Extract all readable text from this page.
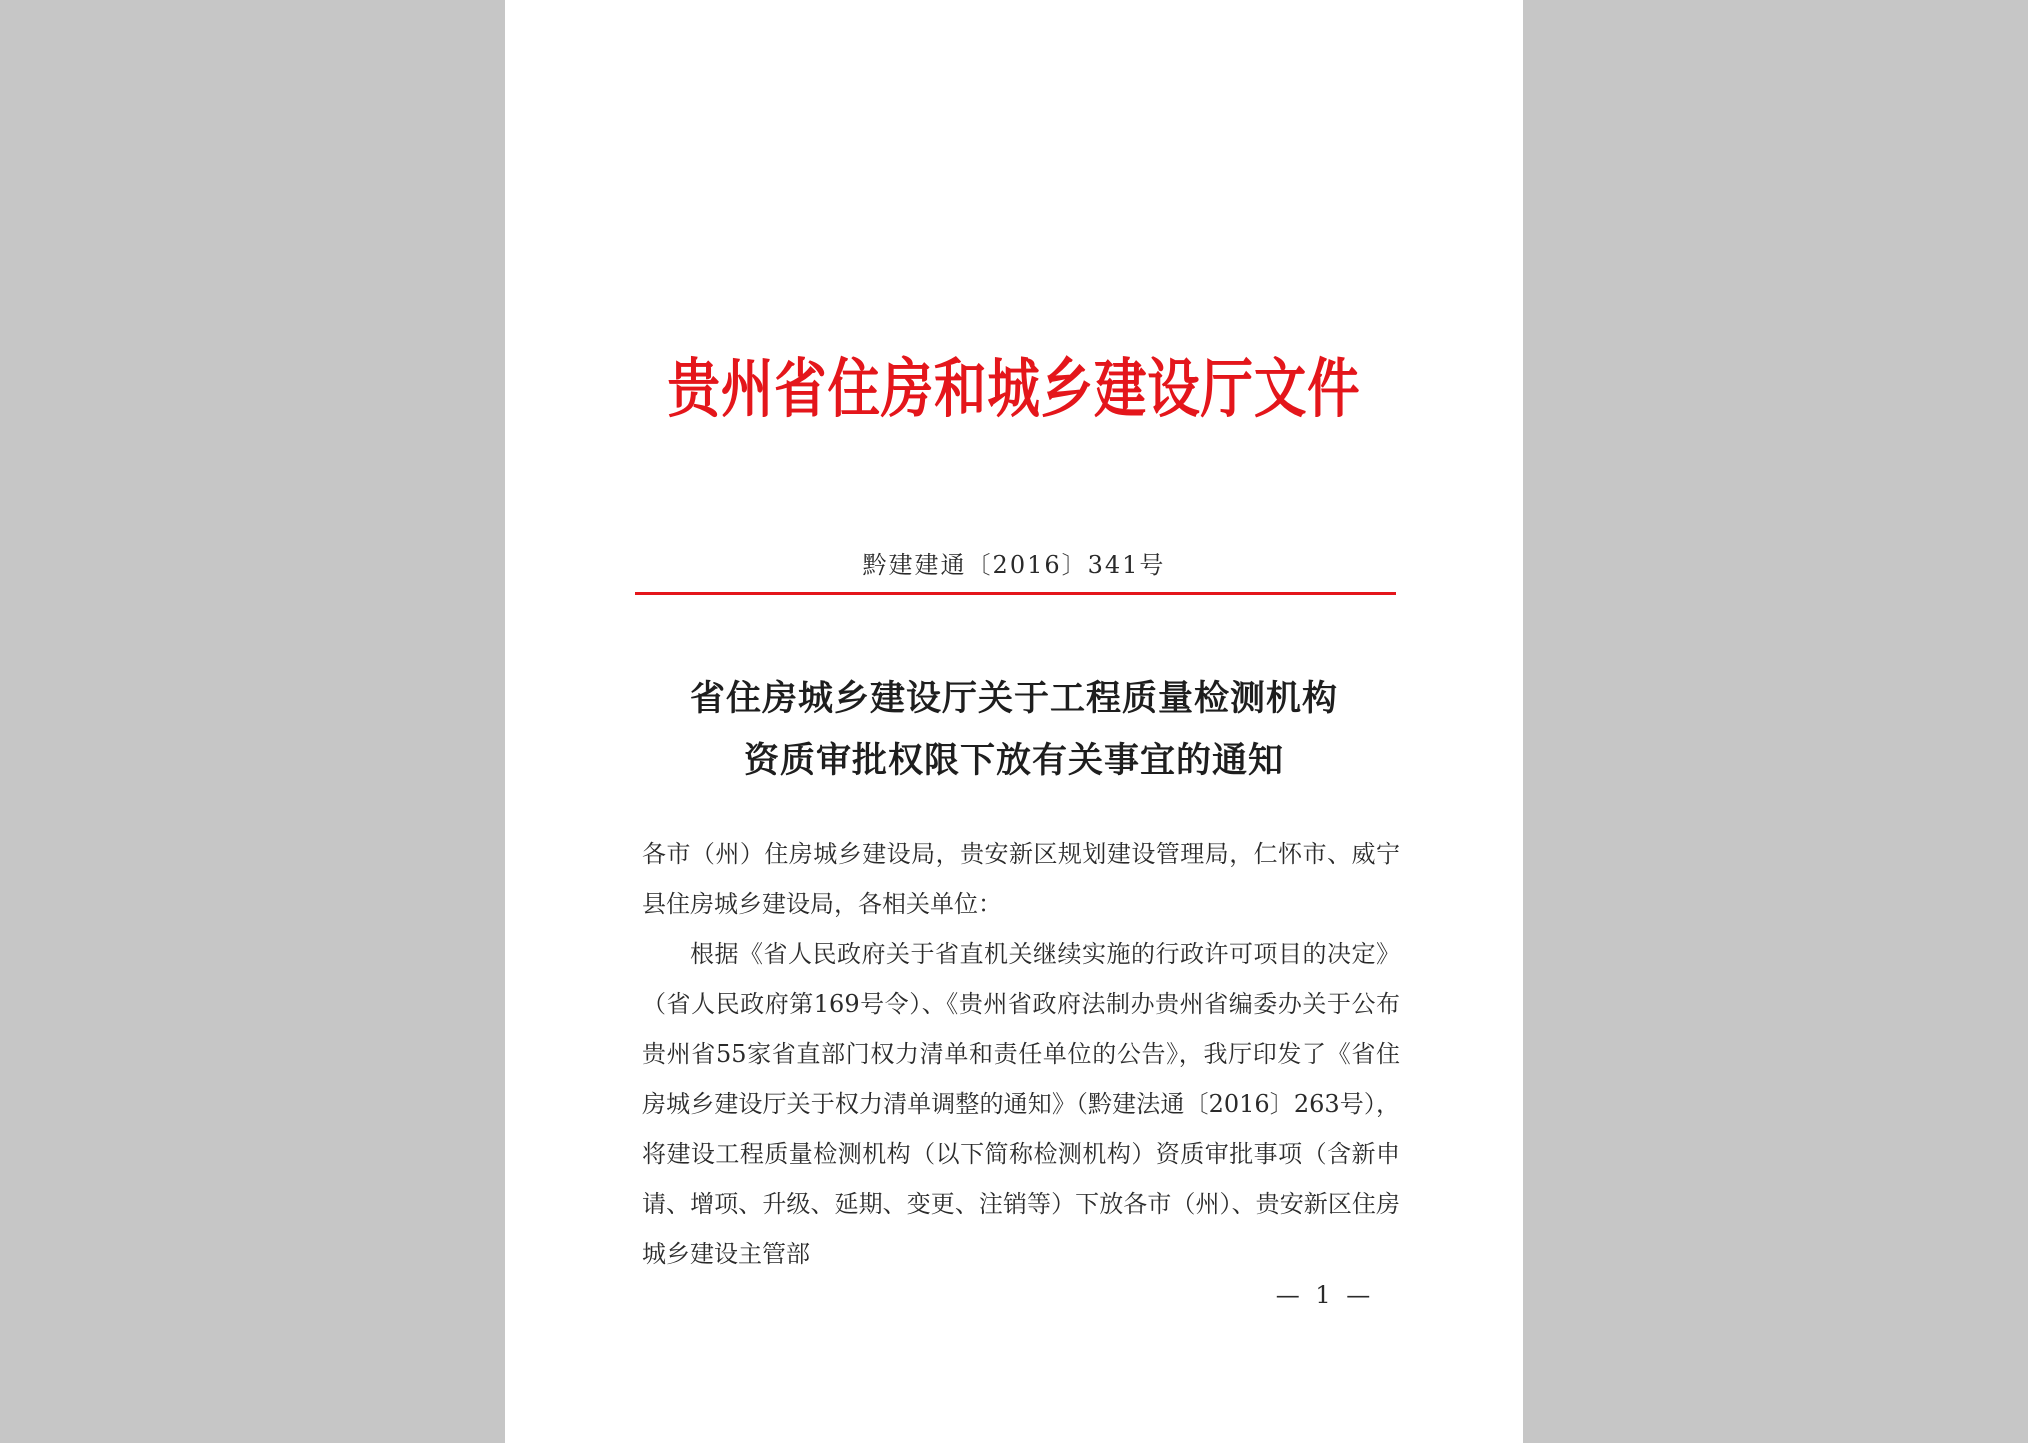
贵州省住房和城乡建设厅文件
黔建建通〔2016〕341号
省住房城乡建设厅关于工程质量检测机构
资质审批权限下放有关事宜的通知

各市（州）住房城乡建设局，贵安新区规划建设管理局，仁怀市、威宁县住房城乡建设局，各相关单位：

根据《省人民政府关于省直机关继续实施的行政许可项目的决定》（省人民政府第169号令）、《贵州省政府法制办贵州省编委办关于公布贵州省55家省直部门权力清单和责任单位的公告》，我厅印发了《省住房城乡建设厅关于权力清单调整的通知》（黔建法通〔2016〕263号），将建设工程质量检测机构（以下简称检测机构）资质审批事项（含新申请、增项、升级、延期、变更、注销等）下放各市（州）、贵安新区住房城乡建设主管部

— 1 —
